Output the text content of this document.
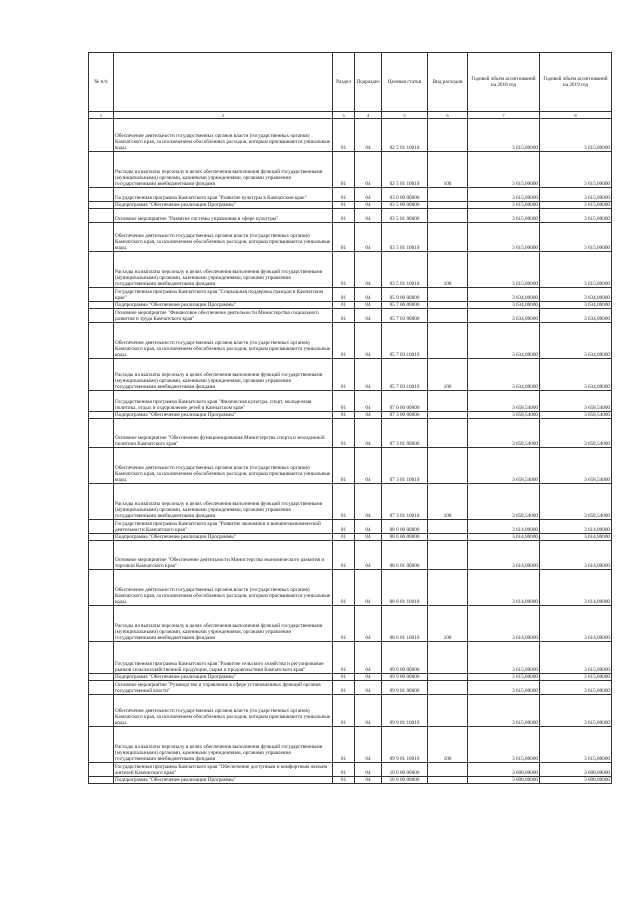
№ п/п		Раздел	Подраздел	Целевая статья	Вид расходов	Годовой объем ассигнований на 2018 год	Годовой объем ассигнований на 2019 год
1	2	3	4	5	6	7	8
	Обеспечение деятельности государственных органов власти (государственных органов) Камчатского края, за исключением обособленных расходов, которым присваиваются уникальные коды.	01	04	02 5 01 10010		3 615,00000	3 615,00000
	Расходы на выплаты персоналу в целях обеспечения выполнения функций государственными (муниципальными) органами, казенными учреждениями, органами управления государственными внебюджетными фондами	01	04	02 5 01 10010	100	3 615,00000	3 615,00000
	Государственная программа Камчатского края "Развитие культуры в Камчатском крае"	01	04	03 0 00 00000		3 615,00000	3 615,00000
	Подпрограмма "Обеспечение реализации Программы"	01	04	03 5 00 00000		3 615,00000	3 615,00000
	Основное мероприятие "Развитие системы управления в сфере культуры"	01	04	03 5 01 00000		3 615,00000	3 615,00000
	Обеспечение деятельности государственных органов власти (государственных органов) Камчатского края, за исключением обособленных расходов, которым присваиваются уникальные коды.	01	04	03 5 01 10010		3 615,00000	3 615,00000
	Расходы на выплаты персоналу в целях обеспечения выполнения функций государственными (муниципальными) органами, казенными учреждениями, органами управления государственными внебюджетными фондами	01	04	03 5 01 10010	100	3 615,00000	3 615,00000
	Государственная программа Камчатского края "Социальная поддержка граждан в Камчатском крае"	01	04	05 0 00 00000		3 634,00000	3 634,00000
	Подпрограмма "Обеспечение реализации Программы"	01	04	05 7 00 00000		3 634,00000	3 634,00000
	Основное мероприятие "Финансовое обеспечение деятельности Министерства социального развития и труда Камчатского края"	01	04	05 7 03 00000		3 634,00000	3 634,00000
	Обеспечение деятельности государственных органов власти (государственных органов) Камчатского края, за исключением обособленных расходов, которым присваиваются уникальные коды.	01	04	05 7 03 10010		3 634,00000	3 634,00000
	Расходы на выплаты персоналу в целях обеспечения выполнения функций государственными (муниципальными) органами, казенными учреждениями, органами управления государственными внебюджетными фондами	01	04	05 7 03 10010	100	3 634,00000	3 634,00000
	Государственная программа Камчатского края "Физическая культура, спорт, молодежная политика, отдых и оздоровление детей в Камчатском крае"	01	04	07 0 00 00000		3 658,54000	3 658,54000
	Подпрограмма "Обеспечение реализации Программы"	01	04	07 3 00 00000		3 658,54000	3 658,54000
	Основное мероприятие "Обеспечение функционирования Министерства спорта и молодежной политики Камчатского края"	01	04	07 3 01 00000		3 658,54000	3 658,54000
	Обеспечение деятельности государственных органов власти (государственных органов) Камчатского края, за исключением обособленных расходов, которым присваиваются уникальные коды.	01	04	07 3 01 10010		3 658,54000	3 658,54000
	Расходы на выплаты персоналу в целях обеспечения выполнения функций государственными (муниципальными) органами, казенными учреждениями, органами управления государственными внебюджетными фондами	01	04	07 3 01 10010	100	3 658,54000	3 658,54000
	Государственная программа Камчатского края "Развитие экономики и внешнеэкономической деятельности Камчатского края"	01	04	08 0 00 00000		3 614,00000	3 614,00000
	Подпрограмма "Обеспечение реализации Программы"	01	04	08 6 00 00000		3 614,00000	3 614,00000
	Основное мероприятие "Обеспечение деятельности Министерства экономического развития и торговли Камчатского края"	01	04	08 6 01 00000		3 614,00000	3 614,00000
	Обеспечение деятельности государственных органов власти (государственных органов) Камчатского края, за исключением обособленных расходов, которым присваиваются уникальные коды.	01	04	08 6 01 10010		3 614,00000	3 614,00000
	Расходы на выплаты персоналу в целях обеспечения выполнения функций государственными (муниципальными) органами, казенными учреждениями, органами управления государственными внебюджетными фондами	01	04	08 6 01 10010	100	3 614,00000	3 614,00000
	Государственная программа Камчатского края "Развитие сельского хозяйства и регулирование рынков сельскохозяйственной продукции, сырья и продовольствия Камчатского края"	01	04	09 0 00 00000		3 615,00000	3 615,00000
	Подпрограмма "Обеспечение реализации Программы"	01	04	09 9 00 00000		3 615,00000	3 615,00000
	Основное мероприятие "Руководство и управление в сфере установленных функций органов государственной власти"	01	04	09 9 01 00000		3 615,00000	3 615,00000
	Обеспечение деятельности государственных органов власти (государственных органов) Камчатского края, за исключением обособленных расходов, которым присваиваются уникальные коды.	01	04	09 9 01 10010		3 615,00000	3 615,00000
	Расходы на выплаты персоналу в целях обеспечения выполнения функций государственными (муниципальными) органами, казенными учреждениями, органами управления государственными внебюджетными фондами	01	04	09 9 01 10010	100	3 615,00000	3 615,00000
	Государственная программа Камчатского края "Обеспечение доступным и комфортным жильем жителей Камчатского края"	01	04	10 0 00 00000		3 608,00000	3 608,00000
	Подпрограмма "Обеспечение реализации Программы"	01	04	10 8 00 00000		3 608,00000	3 608,00000
